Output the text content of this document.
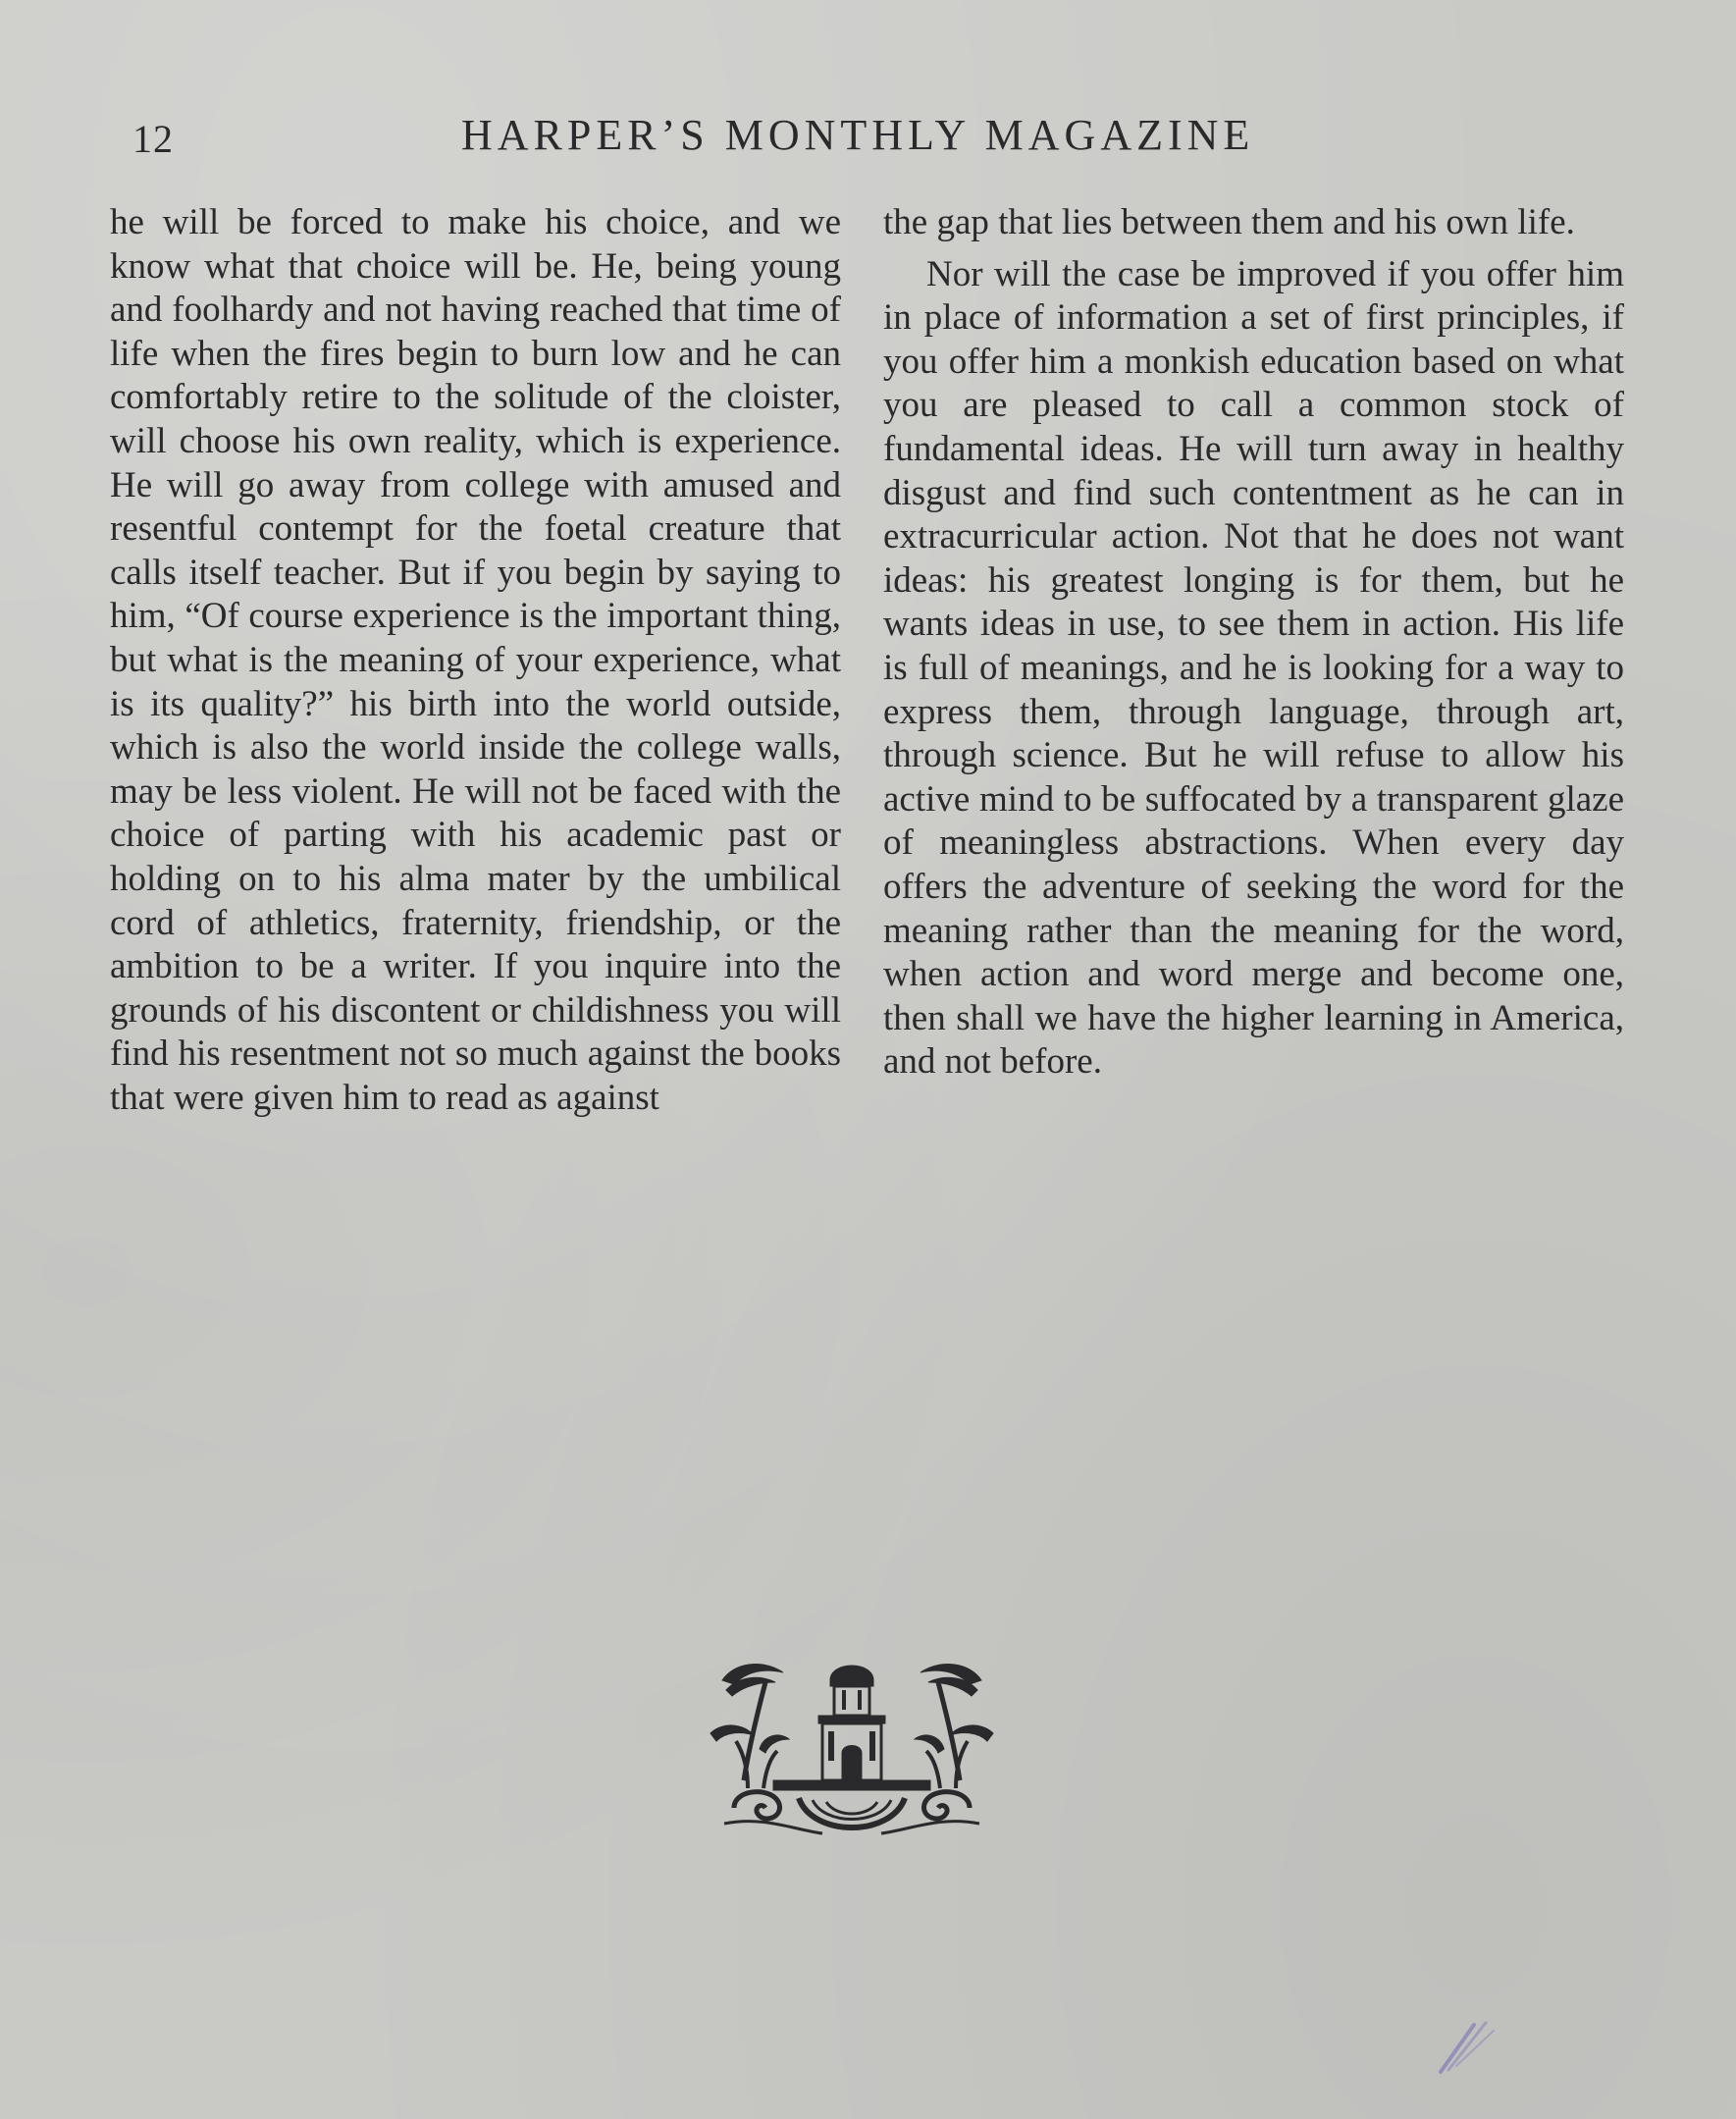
12	HARPER’S MONTHLY MAGAZINE

he will be forced to make his choice, and we know what that choice will be. He, being young and foolhardy and not having reached that time of life when the fires begin to burn low and he can comfortably retire to the solitude of the cloister, will choose his own reality, which is experience. He will go away from college with amused and resentful contempt for the foetal creature that calls itself teacher. But if you begin by saying to him, “Of course experience is the important thing, but what is the meaning of your experience, what is its quality?” his birth into the world outside, which is also the world inside the college walls, may be less violent. He will not be faced with the choice of parting with his academic past or holding on to his alma mater by the umbilical cord of athletics, fraternity, friendship, or the ambition to be a writer. If you inquire into the grounds of his discontent or childishness you will find his resentment not so much against the books that were given him to read as against

the gap that lies between them and his own life.

Nor will the case be improved if you offer him in place of information a set of first principles, if you offer him a monkish education based on what you are pleased to call a common stock of fundamental ideas. He will turn away in healthy disgust and find such contentment as he can in extracurricular action. Not that he does not want ideas: his greatest longing is for them, but he wants ideas in use, to see them in action. His life is full of meanings, and he is looking for a way to express them, through language, through art, through science. But he will refuse to allow his active mind to be suffocated by a transparent glaze of meaningless abstractions. When every day offers the adventure of seeking the word for the meaning rather than the meaning for the word, when action and word merge and become one, then shall we have the higher learning in America, and not before.
